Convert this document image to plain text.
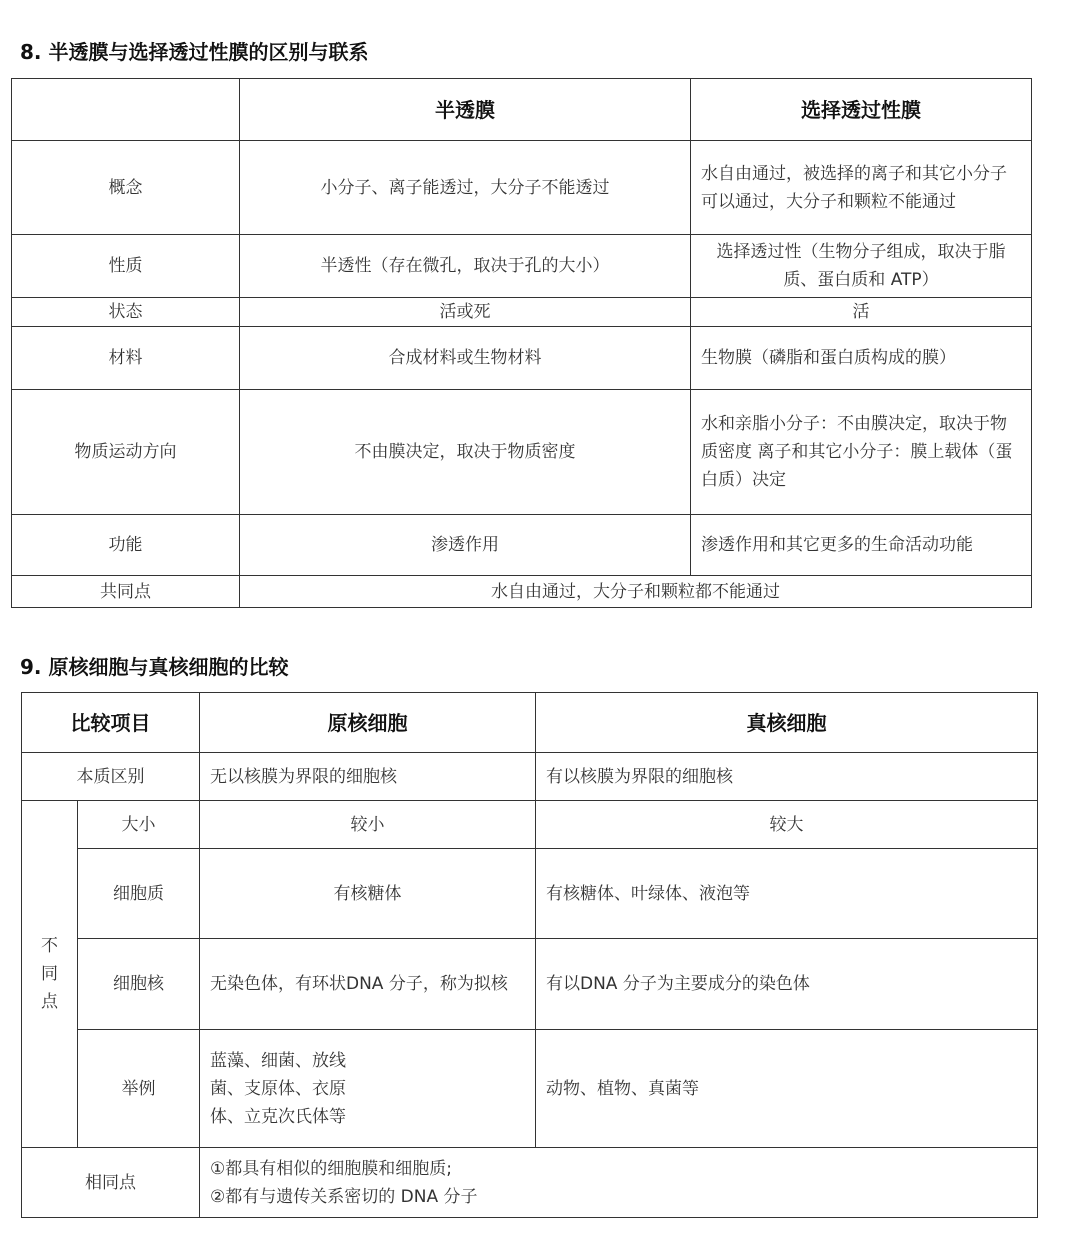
8. 半透膜与选择透过性膜的区别与联系
	半透膜	选择透过性膜
概念	小分子、离子能透过，大分子不能透过	水自由通过，被选择的离子和其它小分子可以通过，大分子和颗粒不能通过
性质	半透性（存在微孔，取决于孔的大小）	选择透过性（生物分子组成，取决于脂质、蛋白质和 ATP）
状态	活或死	活
材料	合成材料或生物材料	生物膜（磷脂和蛋白质构成的膜）
物质运动方向	不由膜决定，取决于物质密度	水和亲脂小分子：不由膜决定，取决于物质密度 离子和其它小分子：膜上载体（蛋白质）决定
功能	渗透作用	渗透作用和其它更多的生命活动功能
共同点	水自由通过，大分子和颗粒都不能通过	
9. 原核细胞与真核细胞的比较
比较项目		原核细胞	真核细胞
本质区别		无以核膜为界限的细胞核	有以核膜为界限的细胞核

不
同
点	大小	较小	较大
	细胞质	有核糖体	有核糖体、叶绿体、液泡等
	细胞核	无染色体，有环状DNA 分子，称为拟核	有以DNA 分子为主要成分的染色体
	举例	蓝藻、细菌、放线菌、支原体、衣原体、立克次氏体等	动物、植物、真菌等
相同点		①都具有相似的细胞膜和细胞质;
②都有与遗传关系密切的 DNA 分子	
